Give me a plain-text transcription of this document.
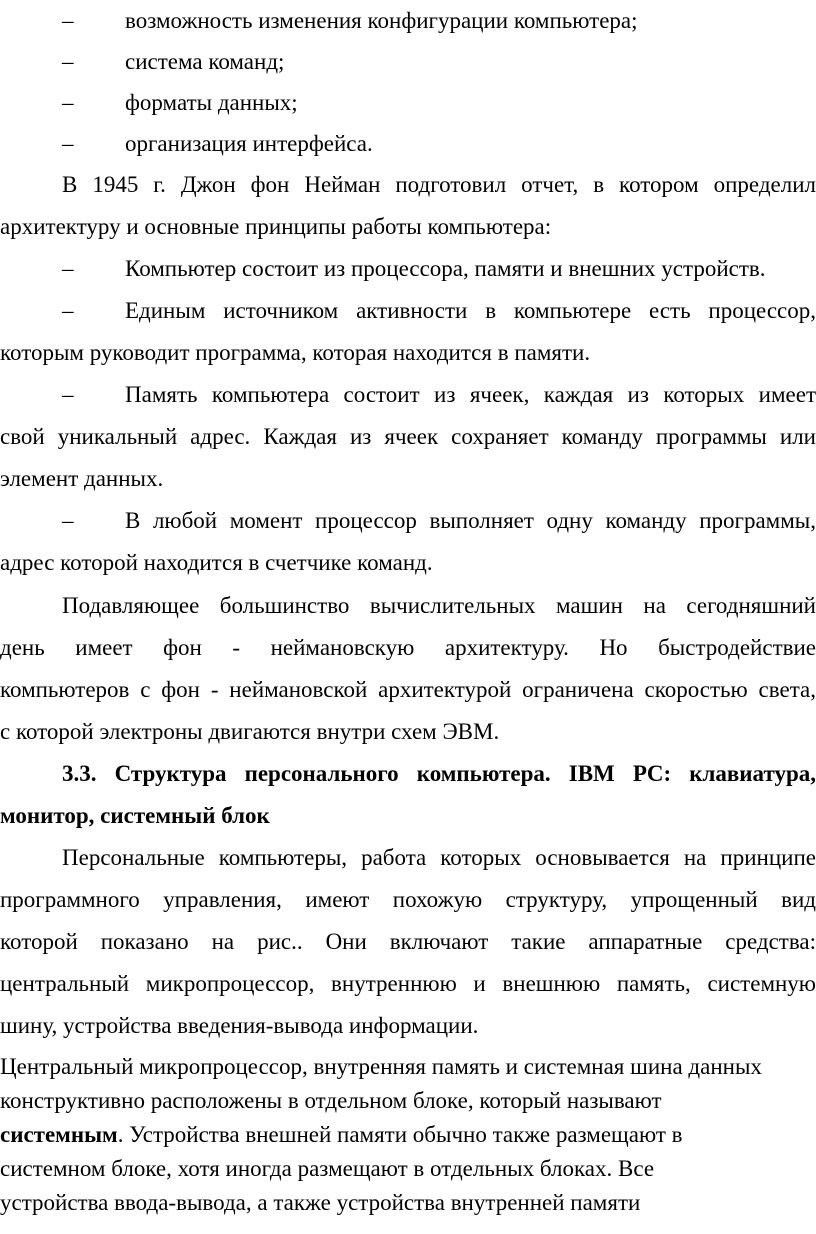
– возможность изменения конфигурации компьютера;
– система команд;
– форматы данных;
– организация интерфейса.
В 1945 г. Джон фон Нейман подготовил отчет, в котором определил
архитектуру и основные принципы работы компьютера:
– Компьютер состоит из процессора, памяти и внешних устройств.
– Единым источником активности в компьютере есть процессор,
которым руководит программа, которая находится в памяти.
– Память компьютера состоит из ячеек, каждая из которых имеет
свой уникальный адрес. Каждая из ячеек сохраняет команду программы или
элемент данных.
– В любой момент процессор выполняет одну команду программы,
адрес которой находится в счетчике команд.
Подавляющее большинство вычислительных машин на сегодняшний
день имеет фон - неймановскую архитектуру. Но быстродействие
компьютеров с фон - неймановской архитектурой ограничена скоростью света,
с которой электроны двигаются внутри схем ЭВМ.
3.3. Структура персонального компьютера. IBM PC: клавиатура,
монитор, системный блок
Персональные компьютеры, работа которых основывается на принципе
программного управления, имеют похожую структуру, упрощенный вид
которой показано на рис.. Они включают такие аппаратные средства:
центральный микропроцессор, внутреннюю и внешнюю память, системную
шину, устройства введения-вывода информации.
Центральный микропроцессор, внутренняя память и системная шина данных
конструктивно расположены в отдельном блоке, который называют
системным. Устройства внешней памяти обычно также размещают в
системном блоке, хотя иногда размещают в отдельных блоках. Все
устройства ввода-вывода, а также устройства внутренней памяти
